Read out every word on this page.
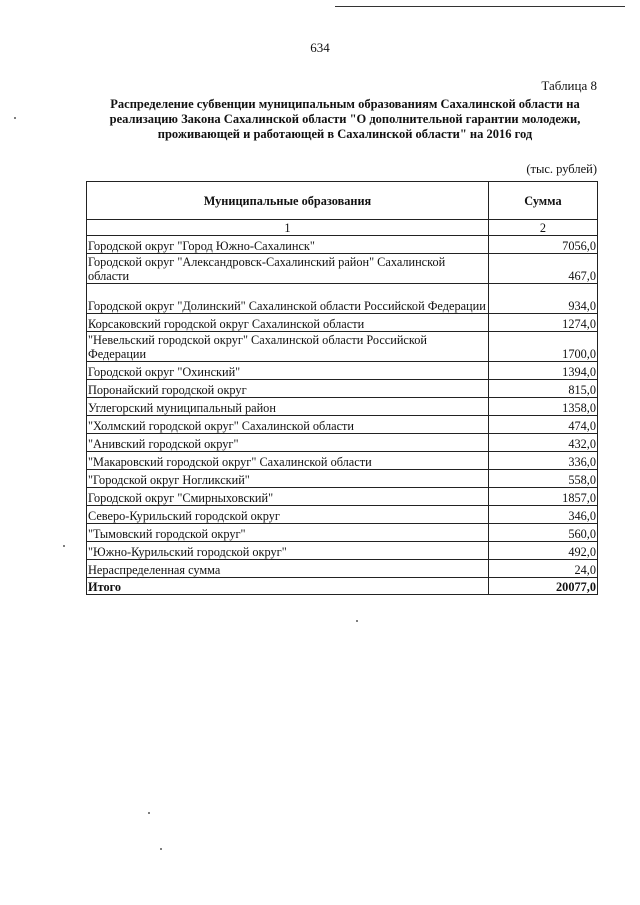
634
Таблица 8
Распределение субвенции муниципальным образованиям Сахалинской области на реализацию Закона Сахалинской области "О дополнительной гарантии молодежи, проживающей и работающей в Сахалинской области" на 2016 год
(тыс. рублей)
Муниципальные образования	Сумма
1	2
Городской округ "Город Южно-Сахалинск"	7056,0
Городской округ "Александровск-Сахалинский район" Сахалинской области	467,0
Городской округ "Долинский" Сахалинской области Российской Федерации	934,0
Корсаковский городской округ Сахалинской области	1274,0
"Невельский городской округ" Сахалинской области Российской Федерации	1700,0
Городской округ "Охинский"	1394,0
Поронайский городской округ	815,0
Углегорский муниципальный район	1358,0
"Холмский городской округ" Сахалинской области	474,0
"Анивский городской округ"	432,0
"Макаровский городской округ" Сахалинской области	336,0
"Городской округ Ногликский"	558,0
Городской округ "Смирныховский"	1857,0
Северо-Курильский городской округ	346,0
"Тымовский городской округ"	560,0
"Южно-Курильский городской округ"	492,0
Нераспределенная сумма	24,0
Итого	20077,0
